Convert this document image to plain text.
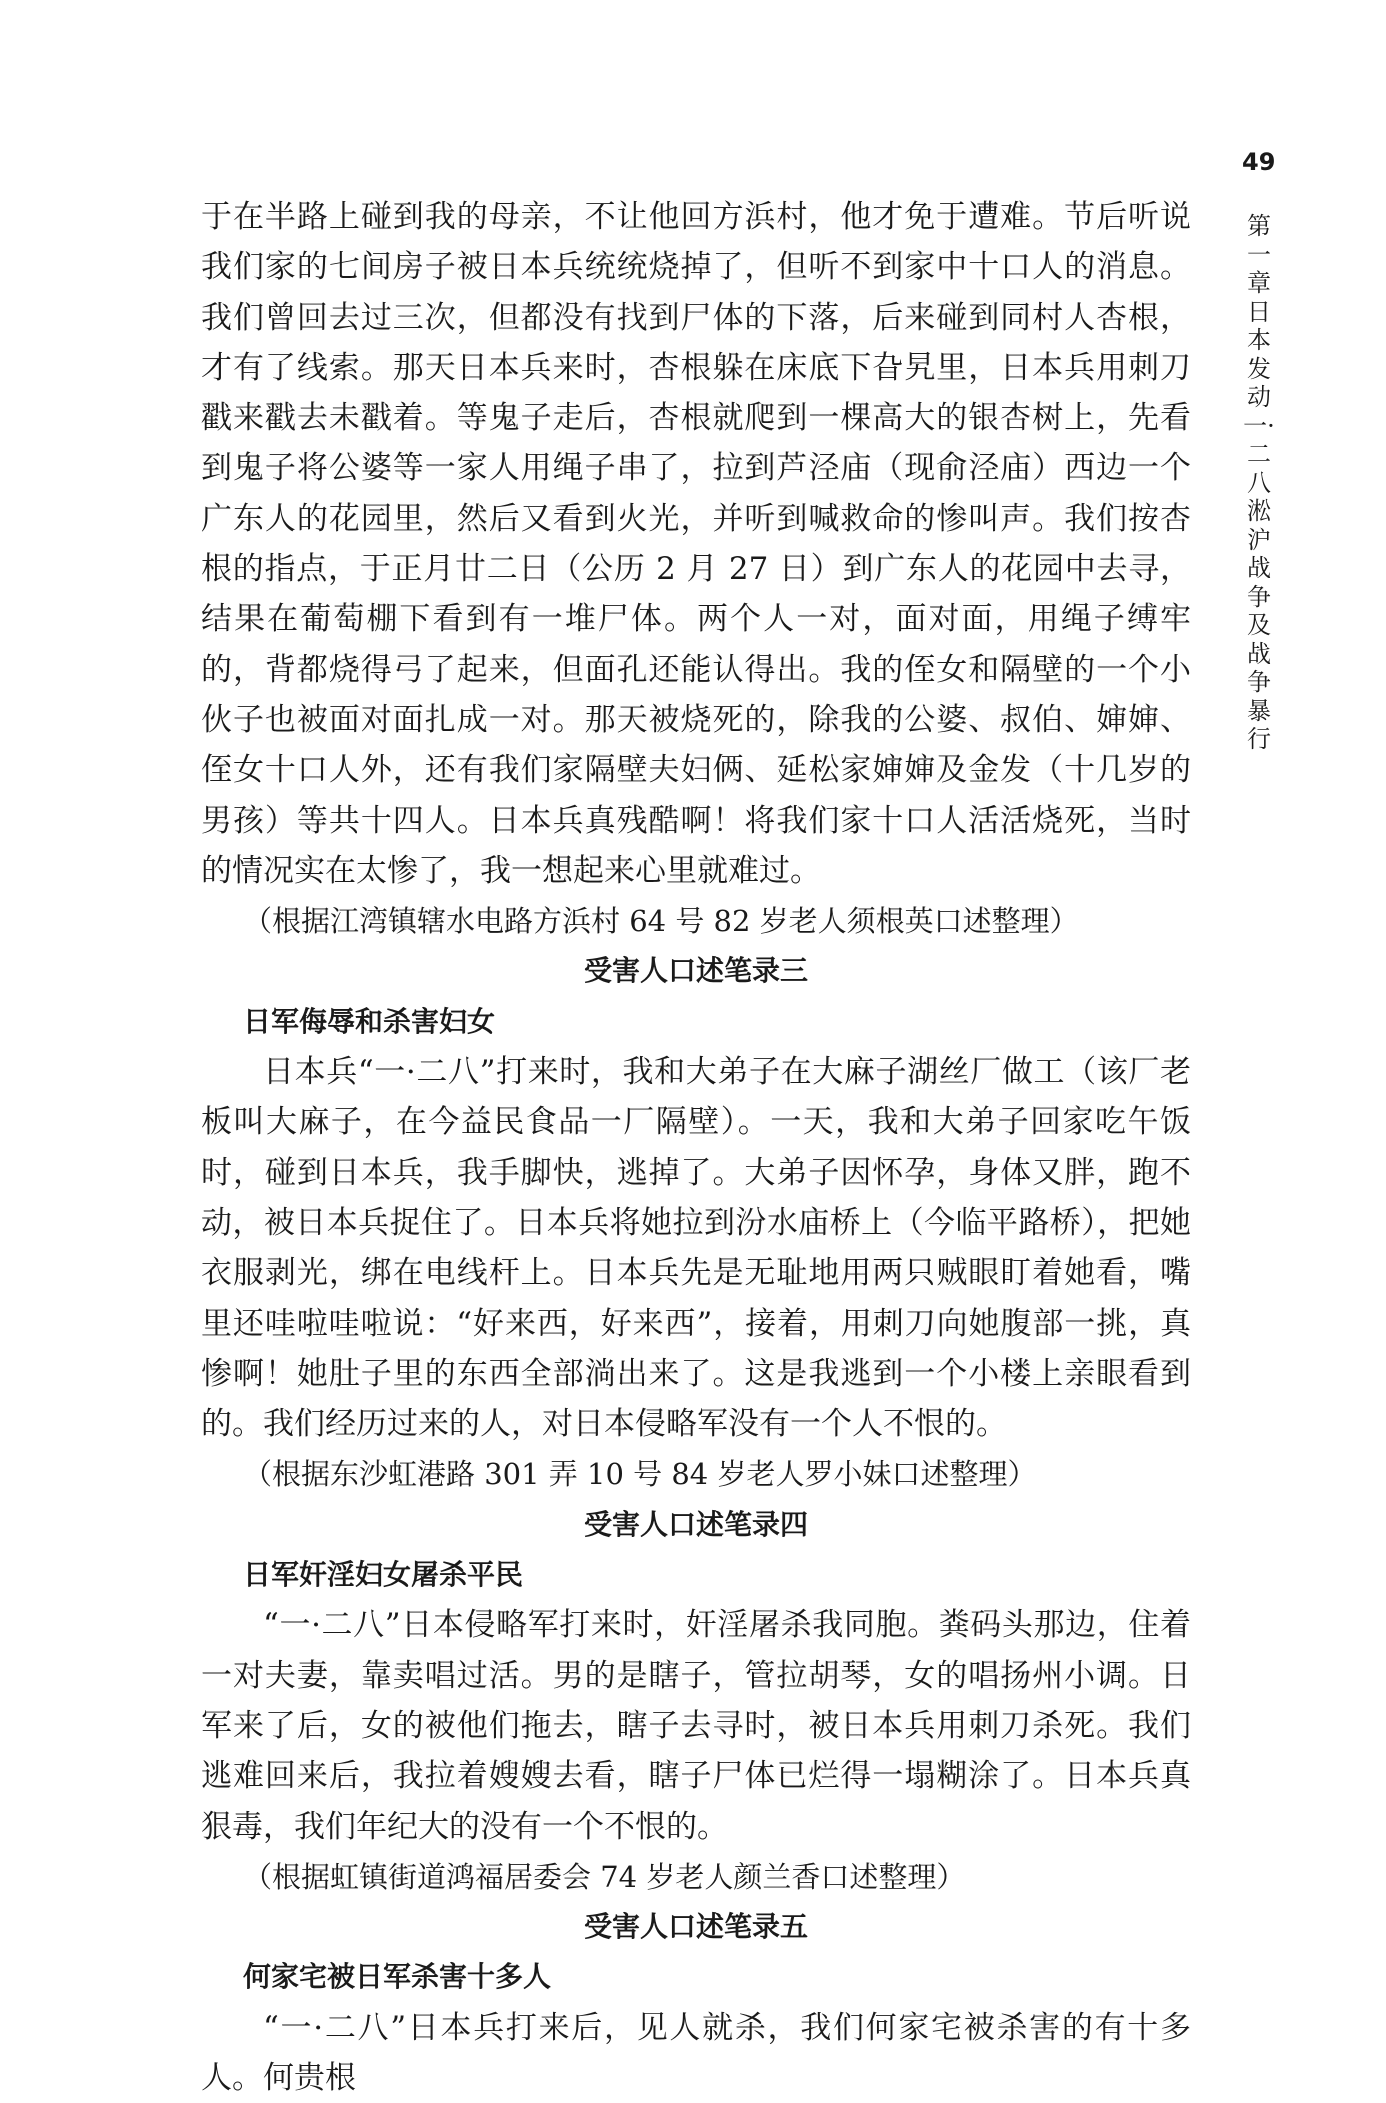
49
第一章 日本发动一·二八淞沪战争及战争暴行

于在半路上碰到我的母亲，不让他回方浜村，他才免于遭难。节后听说我们家的七间房子被日本兵统统烧掉了，但听不到家中十口人的消息。我们曾回去过三次，但都没有找到尸体的下落，后来碰到同村人杏根，才有了线索。那天日本兵来时，杏根躲在床底下旮旯里，日本兵用刺刀戳来戳去未戳着。等鬼子走后，杏根就爬到一棵高大的银杏树上，先看到鬼子将公婆等一家人用绳子串了，拉到芦泾庙（现俞泾庙）西边一个广东人的花园里，然后又看到火光，并听到喊救命的惨叫声。我们按杏根的指点，于正月廿二日（公历 2 月 27 日）到广东人的花园中去寻，结果在葡萄棚下看到有一堆尸体。两个人一对，面对面，用绳子缚牢的，背都烧得弓了起来，但面孔还能认得出。我的侄女和隔壁的一个小伙子也被面对面扎成一对。那天被烧死的，除我的公婆、叔伯、婶婶、侄女十口人外，还有我们家隔壁夫妇俩、延松家婶婶及金发（十几岁的男孩）等共十四人。日本兵真残酷啊！将我们家十口人活活烧死，当时的情况实在太惨了，我一想起来心里就难过。

（根据江湾镇辖水电路方浜村 64 号 82 岁老人须根英口述整理）

受害人口述笔录三

日军侮辱和杀害妇女

日本兵“一·二八”打来时，我和大弟子在大麻子湖丝厂做工（该厂老板叫大麻子，在今益民食品一厂隔壁）。一天，我和大弟子回家吃午饭时，碰到日本兵，我手脚快，逃掉了。大弟子因怀孕，身体又胖，跑不动，被日本兵捉住了。日本兵将她拉到汾水庙桥上（今临平路桥），把她衣服剥光，绑在电线杆上。日本兵先是无耻地用两只贼眼盯着她看，嘴里还哇啦哇啦说：“好来西，好来西”，接着，用刺刀向她腹部一挑，真惨啊！她肚子里的东西全部淌出来了。这是我逃到一个小楼上亲眼看到的。我们经历过来的人，对日本侵略军没有一个人不恨的。

（根据东沙虹港路 301 弄 10 号 84 岁老人罗小妹口述整理）

受害人口述笔录四

日军奸淫妇女屠杀平民

“一·二八”日本侵略军打来时，奸淫屠杀我同胞。粪码头那边，住着一对夫妻，靠卖唱过活。男的是瞎子，管拉胡琴，女的唱扬州小调。日军来了后，女的被他们拖去，瞎子去寻时，被日本兵用刺刀杀死。我们逃难回来后，我拉着嫂嫂去看，瞎子尸体已烂得一塌糊涂了。日本兵真狠毒，我们年纪大的没有一个不恨的。

（根据虹镇街道鸿福居委会 74 岁老人颜兰香口述整理）

受害人口述笔录五

何家宅被日军杀害十多人

“一·二八”日本兵打来后，见人就杀，我们何家宅被杀害的有十多人。何贵根
